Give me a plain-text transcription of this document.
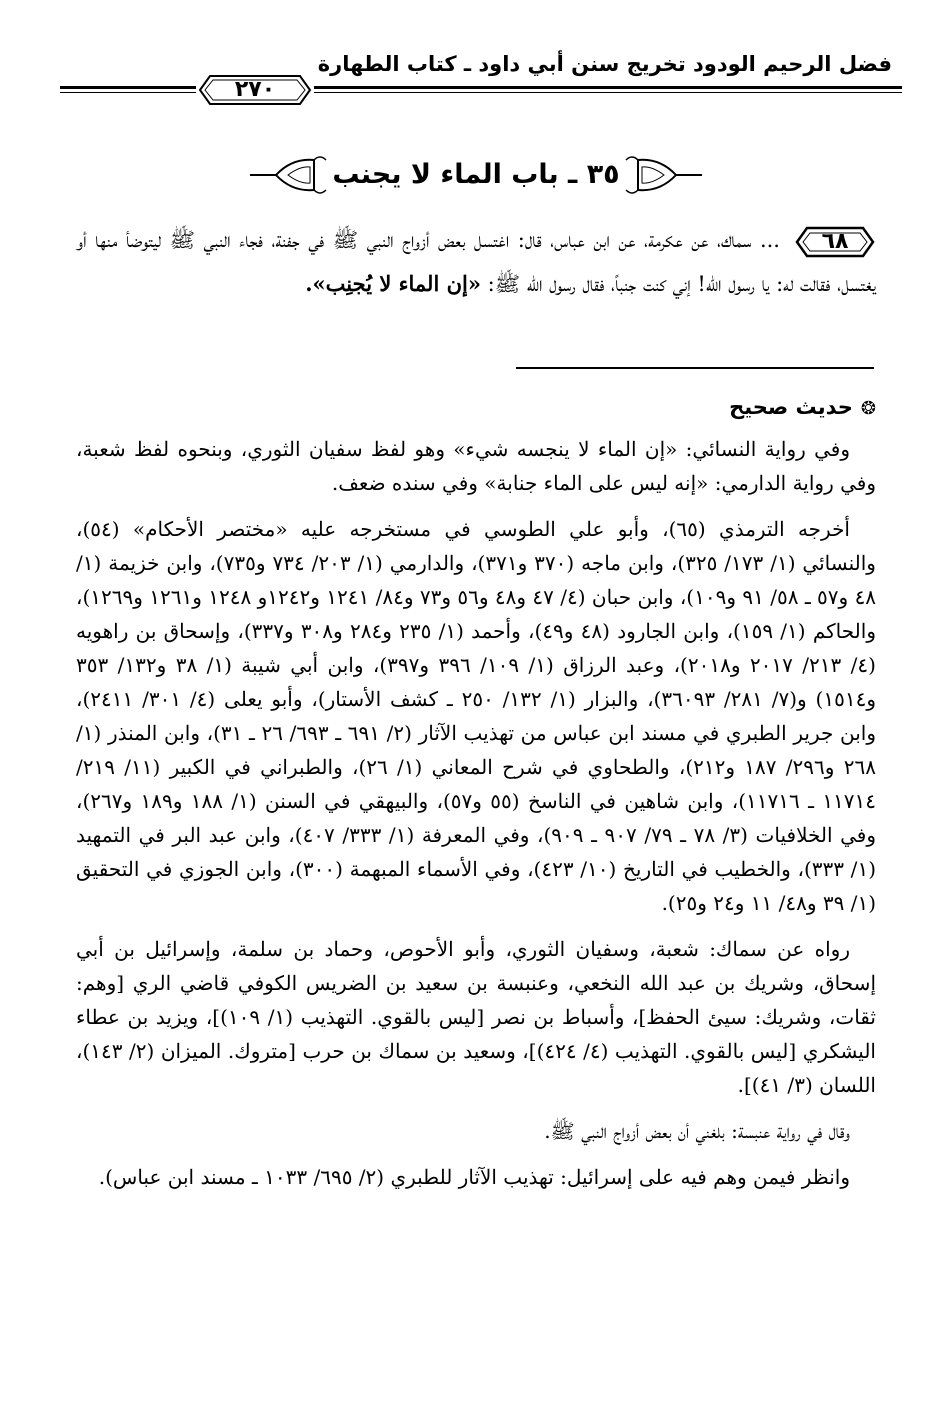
فضل الرحيم الودود تخريج سنن أبي داود ـ كتاب الطهارة
٢٧٠
٣٥ ـ باب الماء لا يجنب
٦٨
... سماك، عن عكرمة، عن ابن عباس، قال: اغتسل بعض أزواج النبي ﷺ في جفنة، فجاء النبي ﷺ ليتوضأ منها أو يغتسل، فقالت له: يا رسول الله! إني كنت جنباً، فقال رسول الله ﷺ: «إن الماء لا يُجنِب».
❂حديث صحيح

وفي رواية النسائي: «إن الماء لا ينجسه شيء» وهو لفظ سفيان الثوري، وبنحوه لفظ شعبة، وفي رواية الدارمي: «إنه ليس على الماء جنابة» وفي سنده ضعف.

أخرجه الترمذي (٦٥)، وأبو علي الطوسي في مستخرجه عليه «مختصر الأحكام» (٥٤)، والنسائي (١/ ١٧٣/ ٣٢٥)، وابن ماجه (٣٧٠ و٣٧١)، والدارمي (١/ ٢٠٣/ ٧٣٤ و٧٣٥)، وابن خزيمة (١/ ٤٨ و٥٧ ـ ٥٨/ ٩١ و١٠٩)، وابن حبان (٤/ ٤٧ و٤٨ و٥٦ و٧٣ و٨٤/ ١٢٤١ و١٢٤٢و ١٢٤٨ و١٢٦١ و١٢٦٩)، والحاكم (١/ ١٥٩)، وابن الجارود (٤٨ و٤٩)، وأحمد (١/ ٢٣٥ و٢٨٤ و٣٠٨ و٣٣٧)، وإسحاق بن راهويه (٤/ ٢١٣/ ٢٠١٧ و٢٠١٨)، وعبد الرزاق (١/ ١٠٩/ ٣٩٦ و٣٩٧)، وابن أبي شيبة (١/ ٣٨ و١٣٢/ ٣٥٣ و١٥١٤) و(٧/ ٢٨١/ ٣٦٠٩٣)، والبزار (١/ ١٣٢/ ٢٥٠ ـ كشف الأستار)، وأبو يعلى (٤/ ٣٠١/ ٢٤١١)، وابن جرير الطبري في مسند ابن عباس من تهذيب الآثار (٢/ ٦٩١ ـ ٦٩٣/ ٢٦ ـ ٣١)، وابن المنذر (١/ ٢٦٨ و٢٩٦/ ١٨٧ و٢١٢)، والطحاوي في شرح المعاني (١/ ٢٦)، والطبراني في الكبير (١١/ ٢١٩/ ١١٧١٤ ـ ١١٧١٦)، وابن شاهين في الناسخ (٥٥ و٥٧)، والبيهقي في السنن (١/ ١٨٨ و١٨٩ و٢٦٧)، وفي الخلافيات (٣/ ٧٨ ـ ٧٩/ ٩٠٧ ـ ٩٠٩)، وفي المعرفة (١/ ٣٣٣/ ٤٠٧)، وابن عبد البر في التمهيد (١/ ٣٣٣)، والخطيب في التاريخ (١٠/ ٤٢٣)، وفي الأسماء المبهمة (٣٠٠)، وابن الجوزي في التحقيق (١/ ٣٩ و٤٨/ ١١ و٢٤ و٢٥).

رواه عن سماك: شعبة، وسفيان الثوري، وأبو الأحوص، وحماد بن سلمة، وإسرائيل بن أبي إسحاق، وشريك بن عبد الله النخعي، وعنبسة بن سعيد بن الضريس الكوفي قاضي الري [وهم: ثقات، وشريك: سيئ الحفظ]، وأسباط بن نصر [ليس بالقوي. التهذيب (١/ ١٠٩)]، ويزيد بن عطاء اليشكري [ليس بالقوي. التهذيب (٤/ ٤٢٤)]، وسعيد بن سماك بن حرب [متروك. الميزان (٢/ ١٤٣)، اللسان (٣/ ٤١)].

وقال في رواية عنبسة: بلغني أن بعض أزواج النبي ﷺ.

وانظر فيمن وهم فيه على إسرائيل: تهذيب الآثار للطبري (٢/ ٦٩٥/ ١٠٣٣ ـ مسند ابن عباس).
